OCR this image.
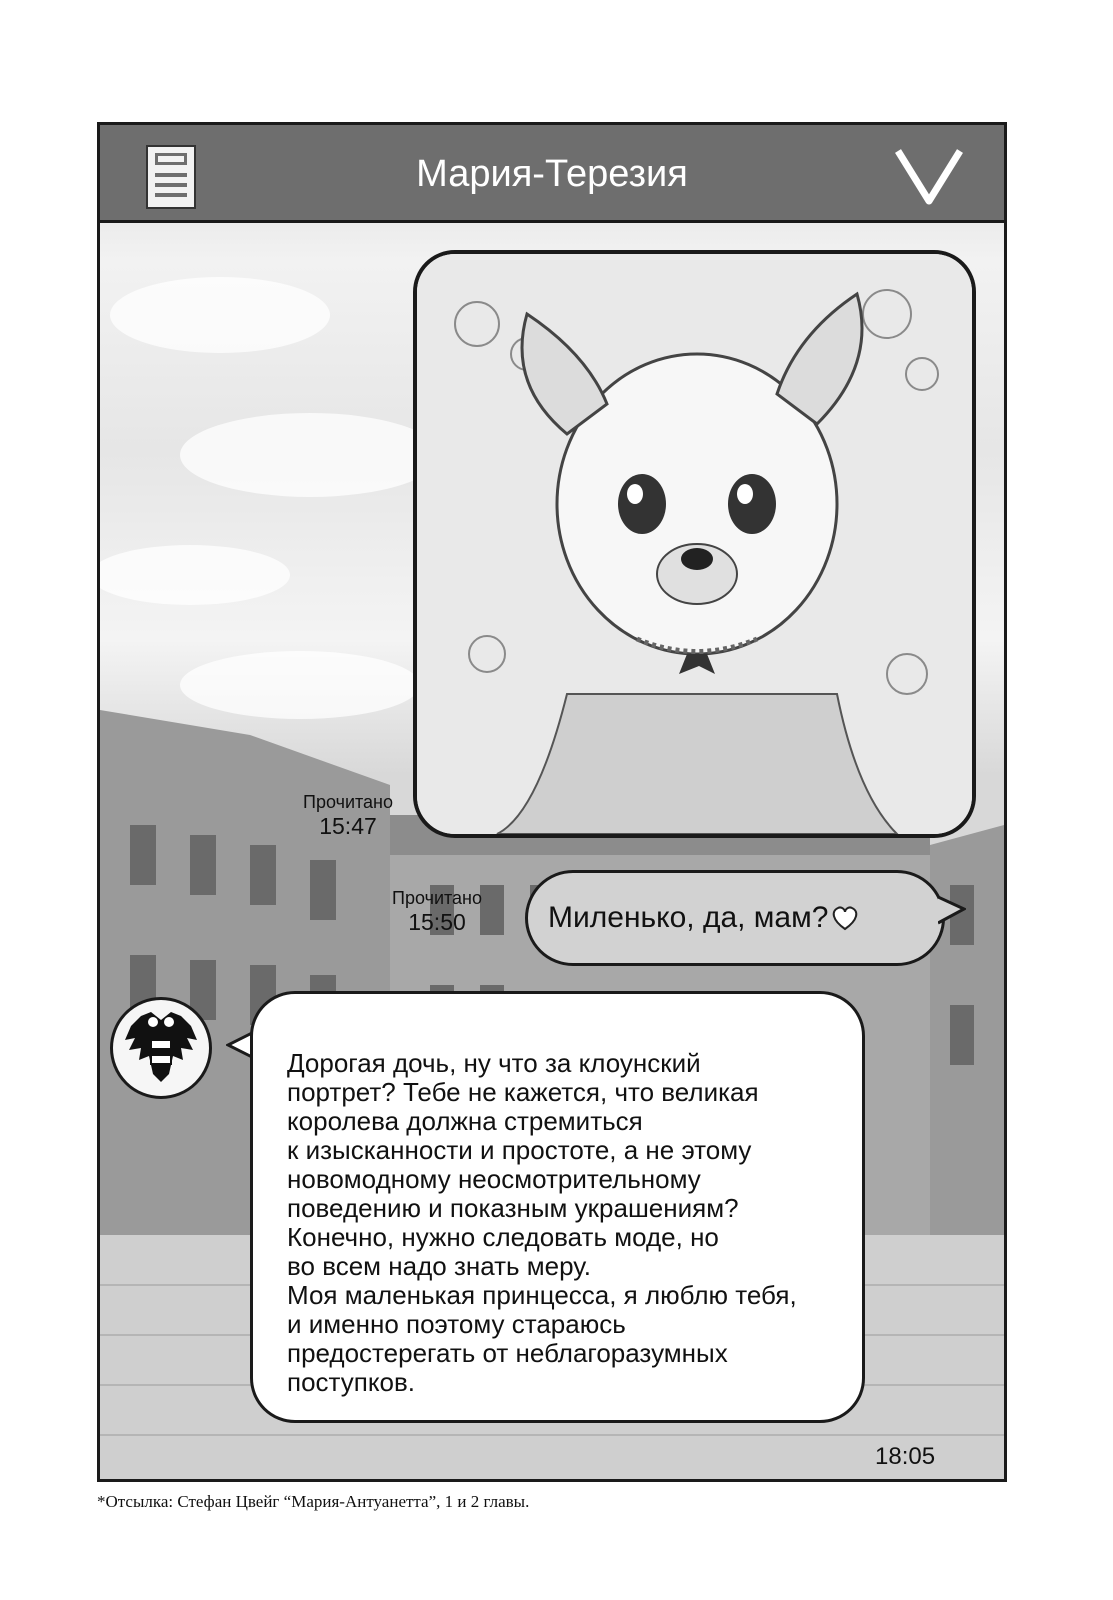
Мария-Терезия
Прочитано
15:47
Прочитано
15:50	Миленько, да, мам?

Дорогая дочь, ну что за клоунский
портрет? Тебе не кажется, что великая
королева должна стремиться
к изысканности и простоте, а не этому
новомодному неосмотрительному
поведению и показным украшениям?
Конечно, нужно следовать моде, но
во всем надо знать меру.
Моя маленькая принцесса, я люблю тебя,
и именно поэтому стараюсь
предостерегать от неблагоразумных
поступков.

18:05
*Отсылка: Стефан Цвейг “Мария-Антуанетта”, 1 и 2 главы.
